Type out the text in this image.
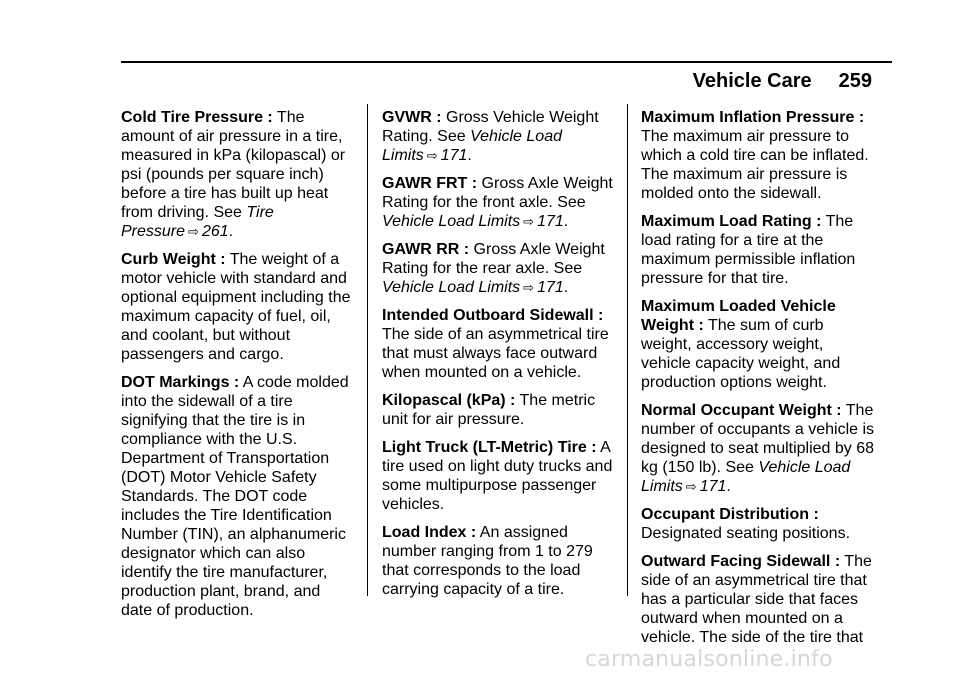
Vehicle Care 259

Cold Tire Pressure : The amount of air pressure in a tire, measured in kPa (kilopascal) or psi (pounds per square inch) before a tire has built up heat from driving. See Tire Pressure ⇨ 261.

Curb Weight : The weight of a motor vehicle with standard and optional equipment including the maximum capacity of fuel, oil, and coolant, but without passengers and cargo.

DOT Markings : A code molded into the sidewall of a tire signifying that the tire is in compliance with the U.S. Department of Transportation (DOT) Motor Vehicle Safety Standards. The DOT code includes the Tire Identification Number (TIN), an alphanumeric designator which can also identify the tire manufacturer, production plant, brand, and date of production.

GVWR : Gross Vehicle Weight Rating. See Vehicle Load Limits ⇨ 171.

GAWR FRT : Gross Axle Weight Rating for the front axle. See Vehicle Load Limits ⇨ 171.

GAWR RR : Gross Axle Weight Rating for the rear axle. See Vehicle Load Limits ⇨ 171.

Intended Outboard Sidewall : The side of an asymmetrical tire that must always face outward when mounted on a vehicle.

Kilopascal (kPa) : The metric unit for air pressure.

Light Truck (LT-Metric) Tire : A tire used on light duty trucks and some multipurpose passenger vehicles.

Load Index : An assigned number ranging from 1 to 279 that corresponds to the load carrying capacity of a tire.

Maximum Inflation Pressure : The maximum air pressure to which a cold tire can be inflated. The maximum air pressure is molded onto the sidewall.

Maximum Load Rating : The load rating for a tire at the maximum permissible inflation pressure for that tire.

Maximum Loaded Vehicle Weight : The sum of curb weight, accessory weight, vehicle capacity weight, and production options weight.

Normal Occupant Weight : The number of occupants a vehicle is designed to seat multiplied by 68 kg (150 lb). See Vehicle Load Limits ⇨ 171.

Occupant Distribution : Designated seating positions.

Outward Facing Sidewall : The side of an asymmetrical tire that has a particular side that faces outward when mounted on a vehicle. The side of the tire that

carmanualsonline.info
